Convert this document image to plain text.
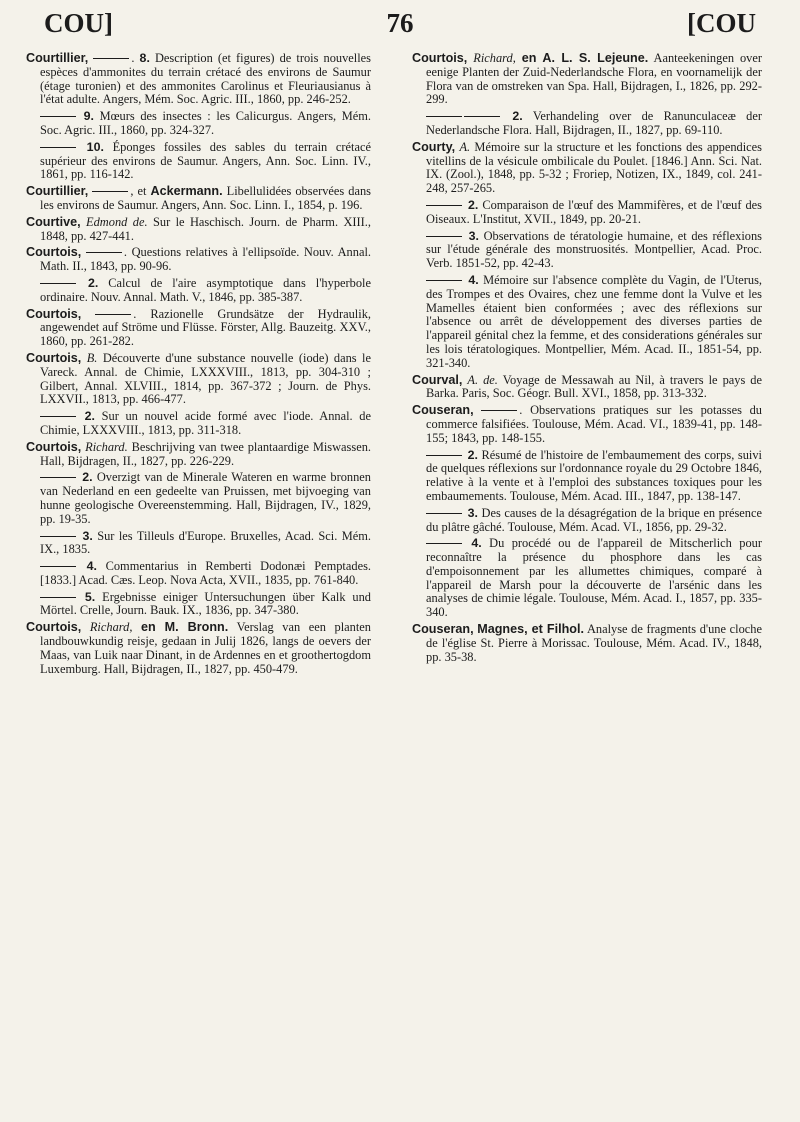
COU]	76	[COU

Courtillier,	. 8. Description (et figures) de trois nouvelles espèces d'ammonites du terrain crétacé des environs de Saumur (étage turonien) et des ammonites Carolinus et Fleuriausianus à l'état adulte. Angers, Mém. Soc. Agric. III., 1860, pp. 246-252.

9. Mœurs des insectes : les Calicurgus. Angers, Mém. Soc. Agric. III., 1860, pp. 324-327.

10. Éponges fossiles des sables du terrain crétacé supérieur des environs de Saumur. Angers, Ann. Soc. Linn. IV., 1861, pp. 116-142.

Courtillier,	, et Ackermann. Libellulidées observées dans les environs de Saumur. Angers, Ann. Soc. Linn. I., 1854, p. 196.

Courtive, Edmond de. Sur le Haschisch. Journ. de Pharm. XIII., 1848, pp. 427-441.

Courtois,	. Questions relatives à l'ellipsoïde. Nouv. Annal. Math. II., 1843, pp. 90-96.

2. Calcul de l'aire asymptotique dans l'hyperbole ordinaire. Nouv. Annal. Math. V., 1846, pp. 385-387.

Courtois,	. Razionelle Grundsätze der Hydraulik, angewendet auf Ströme und Flüsse. Förster, Allg. Bauzeitg. XXV., 1860, pp. 261-282.

Courtois, B. Découverte d'une substance nouvelle (iode) dans le Vareck. Annal. de Chimie, LXXXVIII., 1813, pp. 304-310 ; Gilbert, Annal. XLVIII., 1814, pp. 367-372 ; Journ. de Phys. LXXVII., 1813, pp. 466-477.

2. Sur un nouvel acide formé avec l'iode. Annal. de Chimie, LXXXVIII., 1813, pp. 311-318.

Courtois, Richard. Beschrijving van twee plantaardige Miswassen. Hall, Bijdragen, II., 1827, pp. 226-229.

2. Overzigt van de Minerale Wateren en warme bronnen van Nederland en een gedeelte van Pruissen, met bijvoeging van hunne geologische Overeenstemming. Hall, Bijdragen, IV., 1829, pp. 19-35.

3. Sur les Tilleuls d'Europe. Bruxelles, Acad. Sci. Mém. IX., 1835.

4. Commentarius in Remberti Dodonæi Pemptades. [1833.] Acad. Cæs. Leop. Nova Acta, XVII., 1835, pp. 761-840.

5. Ergebnisse einiger Untersuchungen über Kalk und Mörtel. Crelle, Journ. Bauk. IX., 1836, pp. 347-380.

Courtois, Richard, en M. Bronn. Verslag van een planten landbouwkundig reisje, gedaan in Julij 1826, langs de oevers der Maas, van Luik naar Dinant, in de Ardennes en et groothertogdom Luxemburg. Hall, Bijdragen, II., 1827, pp. 450-479.

Courtois, Richard, en A. L. S. Lejeune. Aanteekeningen over eenige Planten der Zuid-Nederlandsche Flora, en voornamelijk der Flora van de omstreken van Spa. Hall, Bijdragen, I., 1826, pp. 292-299.

2. Verhandeling over de Ranunculaceæ der Nederlandsche Flora. Hall, Bijdragen, II., 1827, pp. 69-110.

Courty, A. Mémoire sur la structure et les fonctions des appendices vitellins de la vésicule ombilicale du Poulet. [1846.] Ann. Sci. Nat. IX. (Zool.), 1848, pp. 5-32 ; Froriep, Notizen, IX., 1849, col. 241-248, 257-265.

2. Comparaison de l'œuf des Mammifères, et de l'œuf des Oiseaux. L'Institut, XVII., 1849, pp. 20-21.

3. Observations de tératologie humaine, et des réflexions sur l'étude générale des monstruosités. Montpellier, Acad. Proc. Verb. 1851-52, pp. 42-43.

4. Mémoire sur l'absence complète du Vagin, de l'Uterus, des Trompes et des Ovaires, chez une femme dont la Vulve et les Mamelles étaient bien conformées ; avec des réflexions sur l'absence ou arrêt de développement des diverses parties de l'appareil génital chez la femme, et des considerations générales sur les lois tératologiques. Montpellier, Mém. Acad. II., 1851-54, pp. 321-340.

Courval, A. de. Voyage de Messawah au Nil, à travers le pays de Barka. Paris, Soc. Géogr. Bull. XVI., 1858, pp. 313-332.

Couseran,	. Observations pratiques sur les potasses du commerce falsifiées. Toulouse, Mém. Acad. VI., 1839-41, pp. 148-155; 1843, pp. 148-155.

2. Résumé de l'histoire de l'embaumement des corps, suivi de quelques réflexions sur l'ordonnance royale du 29 Octobre 1846, relative à la vente et à l'emploi des substances toxiques pour les embaumements. Toulouse, Mém. Acad. III., 1847, pp. 138-147.

3. Des causes de la désagrégation de la brique en présence du plâtre gâché. Toulouse, Mém. Acad. VI., 1856, pp. 29-32.

4. Du procédé ou de l'appareil de Mitscherlich pour reconnaître la présence du phosphore dans les cas d'empoisonnement par les allumettes chimiques, comparé à l'appareil de Marsh pour la découverte de l'arsénic dans les analyses de chimie légale. Toulouse, Mém. Acad. I., 1857, pp. 335-340.

Couseran, Magnes, et Filhol. Analyse de fragments d'une cloche de l'église St. Pierre à Morissac. Toulouse, Mém. Acad. IV., 1848, pp. 35-38.
